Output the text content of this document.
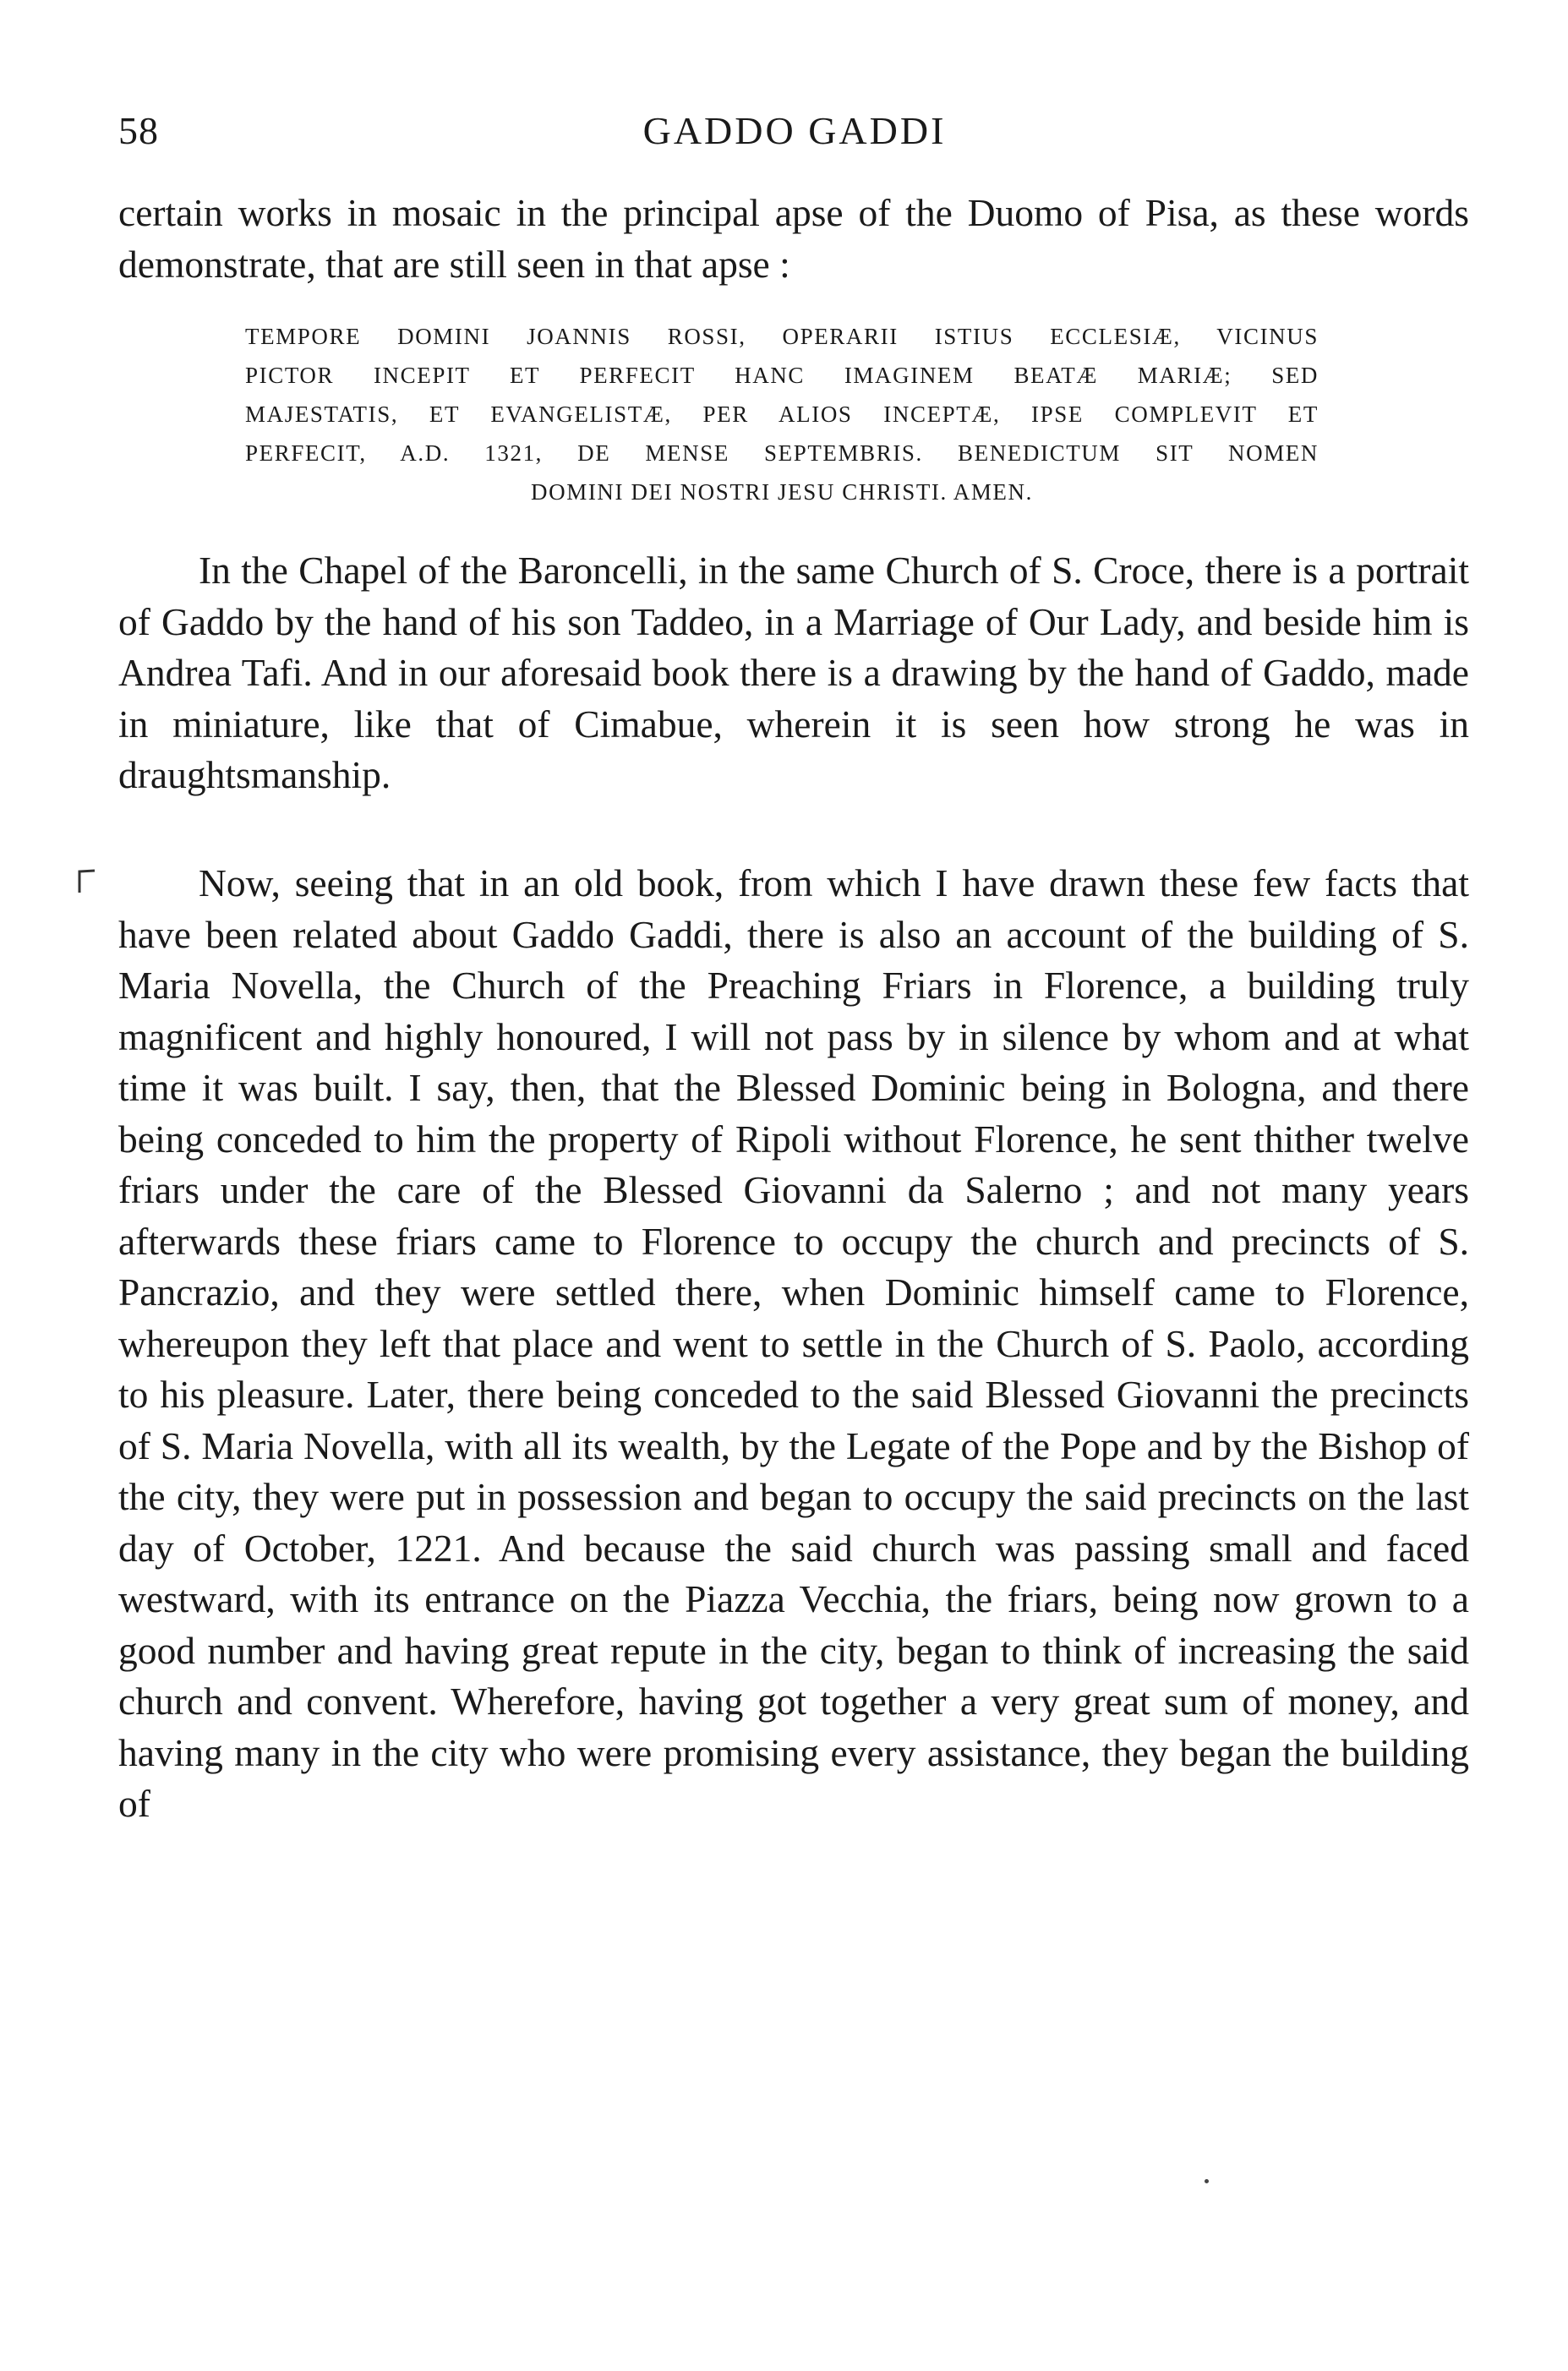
58	GADDO GADDI

certain works in mosaic in the principal apse of the Duomo of Pisa, as these words demonstrate, that are still seen in that apse :

TEMPORE DOMINI JOANNIS ROSSI, OPERARII ISTIUS ECCLESIÆ, VICINUS
PICTOR INCEPIT ET PERFECIT HANC IMAGINEM BEATÆ MARIÆ; SED
MAJESTATIS, ET EVANGELISTÆ, PER ALIOS INCEPTÆ, IPSE COMPLEVIT ET
PERFECIT, A.D. 1321, DE MENSE SEPTEMBRIS. BENEDICTUM SIT NOMEN
DOMINI DEI NOSTRI JESU CHRISTI. AMEN.

In the Chapel of the Baroncelli, in the same Church of S. Croce, there is a portrait of Gaddo by the hand of his son Taddeo, in a Marriage of Our Lady, and beside him is Andrea Tafi. And in our aforesaid book there is a drawing by the hand of Gaddo, made in miniature, like that of Cimabue, wherein it is seen how strong he was in draughtsmanship.

Now, seeing that in an old book, from which I have drawn these few facts that have been related about Gaddo Gaddi, there is also an account of the building of S. Maria Novella, the Church of the Preaching Friars in Florence, a building truly magnificent and highly honoured, I will not pass by in silence by whom and at what time it was built. I say, then, that the Blessed Dominic being in Bologna, and there being conceded to him the property of Ripoli without Florence, he sent thither twelve friars under the care of the Blessed Giovanni da Salerno ; and not many years afterwards these friars came to Florence to occupy the church and precincts of S. Pancrazio, and they were settled there, when Dominic himself came to Florence, whereupon they left that place and went to settle in the Church of S. Paolo, according to his pleasure. Later, there being conceded to the said Blessed Giovanni the precincts of S. Maria Novella, with all its wealth, by the Legate of the Pope and by the Bishop of the city, they were put in possession and began to occupy the said precincts on the last day of October, 1221. And because the said church was passing small and faced westward, with its entrance on the Piazza Vecchia, the friars, being now grown to a good number and having great repute in the city, began to think of increasing the said church and convent. Wherefore, having got together a very great sum of money, and having many in the city who were promising every assistance, they began the building of
